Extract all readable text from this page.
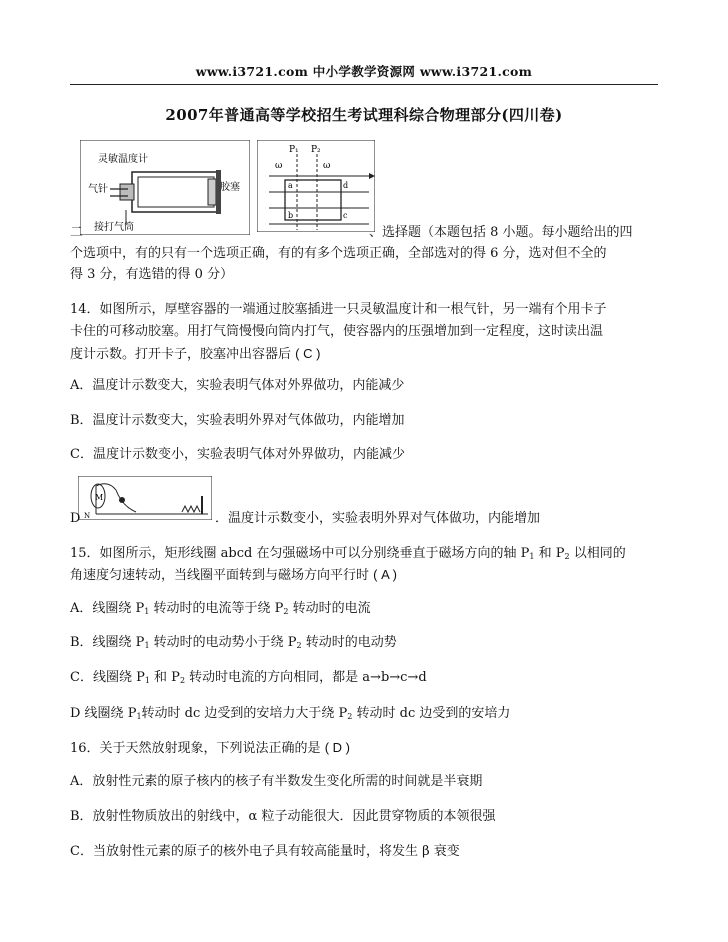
www.i3721.com 中小学教学资源网 www.i3721.com
2007年普通高等学校招生考试理科综合物理部分(四川卷)
灵敏温度计
气针	胶塞
接打气筒
P₁ P₂
ω	ω
a
b	c
d
二	、选择题（本题包括 8 小题。每小题给出的四
个选项中，有的只有一个选项正确，有的有多个选项正确，全部选对的得 6 分，选对但不全的
得 3 分，有选错的得 0 分）
14．如图所示，厚壁容器的一端通过胶塞插进一只灵敏温度计和一根气针，另一端有个用卡子
卡住的可移动胶塞。用打气筒慢慢向筒内打气，使容器内的压强增加到一定程度，这时读出温
度计示数。打开卡子，胶塞冲出容器后 ( C )
A．温度计示数变大，实验表明气体对外界做功，内能减少
B．温度计示数变大，实验表明外界对气体做功，内能增加
C．温度计示数变小，实验表明气体对外界做功，内能减少
M
N
D	．温度计示数变小，实验表明外界对气体做功，内能增加
15．如图所示，矩形线圈 abcd 在匀强磁场中可以分别绕垂直于磁场方向的轴 $P_1$ 和 $P_2$ 以相同的
角速度匀速转动，当线圈平面转到与磁场方向平行时 ( A )
A．线圈绕 $P_1$ 转动时的电流等于绕 $P_2$ 转动时的电流
B．线圈绕 $P_1$ 转动时的电动势小于绕 $P_2$ 转动时的电动势
C．线圈绕 $P_1$ 和 $P_2$ 转动时电流的方向相同，都是 a→b→c→d
D 线圈绕 $P_1$转动时 dc 边受到的安培力大于绕 $P_2$ 转动时 dc 边受到的安培力
16．关于天然放射现象，下列说法正确的是 ( D )
A．放射性元素的原子核内的核子有半数发生变化所需的时间就是半衰期
B．放射性物质放出的射线中，α 粒子动能很大．因此贯穿物质的本领很强
C．当放射性元素的原子的核外电子具有较高能量时，将发生 β 衰变
